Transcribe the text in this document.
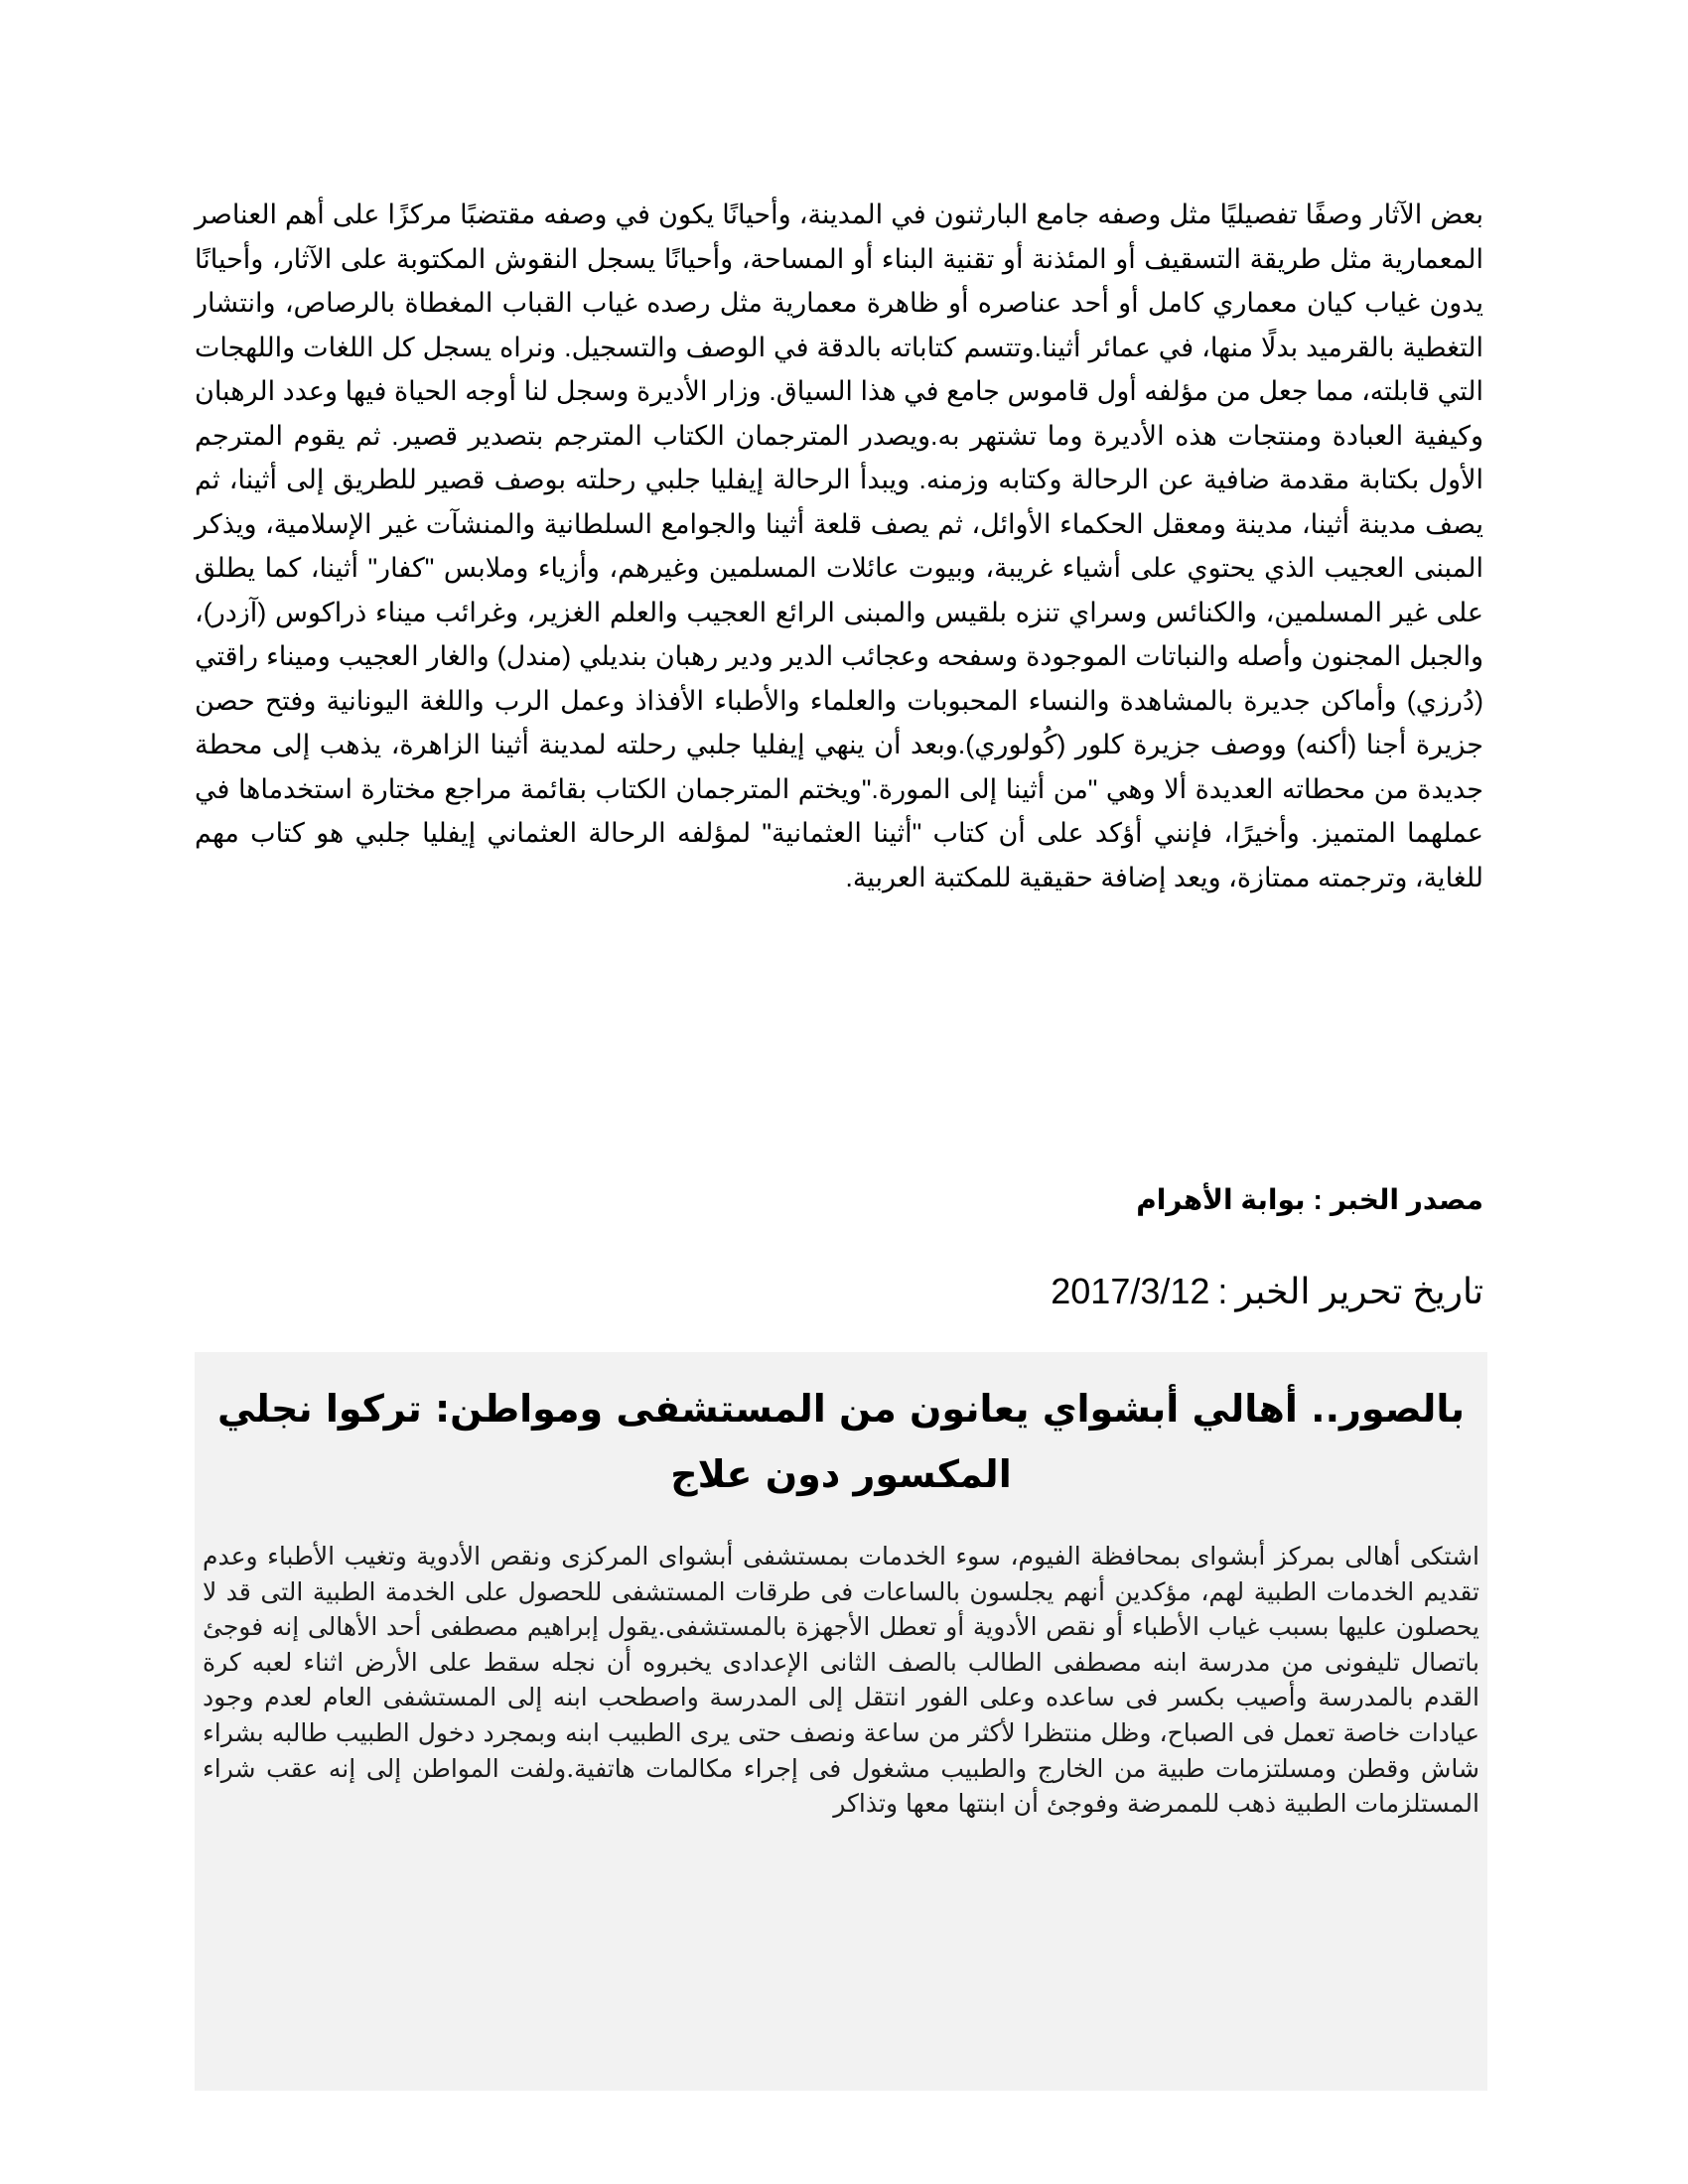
بعض الآثار وصفًا تفصيليًا مثل وصفه جامع البارثنون في المدينة، وأحيانًا يكون في وصفه مقتضبًا مركزًا على أهم العناصر المعمارية مثل طريقة التسقيف أو المئذنة أو تقنية البناء أو المساحة، وأحيانًا يسجل النقوش المكتوبة على الآثار، وأحيانًا يدون غياب كيان معماري كامل أو أحد عناصره أو ظاهرة معمارية مثل رصده غياب القباب المغطاة بالرصاص، وانتشار التغطية بالقرميد بدلًا منها، في عمائر أثينا.وتتسم كتاباته بالدقة في الوصف والتسجيل. ونراه يسجل كل اللغات واللهجات التي قابلته، مما جعل من مؤلفه أول قاموس جامع في هذا السياق. وزار الأديرة وسجل لنا أوجه الحياة فيها وعدد الرهبان وكيفية العبادة ومنتجات هذه الأديرة وما تشتهر به.ويصدر المترجمان الكتاب المترجم بتصدير قصير. ثم يقوم المترجم الأول بكتابة مقدمة ضافية عن الرحالة وكتابه وزمنه. ويبدأ الرحالة إيفليا جلبي رحلته بوصف قصير للطريق إلى أثينا، ثم يصف مدينة أثينا، مدينة ومعقل الحكماء الأوائل، ثم يصف قلعة أثينا والجوامع السلطانية والمنشآت غير الإسلامية، ويذكر المبنى العجيب الذي يحتوي على أشياء غريبة، وبيوت عائلات المسلمين وغيرهم، وأزياء وملابس "كفار" أثينا، كما يطلق على غير المسلمين، والكنائس وسراي تنزه بلقيس والمبنى الرائع العجيب والعلم الغزير، وغرائب ميناء ذراكوس (آزدر)، والجبل المجنون وأصله والنباتات الموجودة وسفحه وعجائب الدير ودير رهبان بنديلي (مندل) والغار العجيب وميناء راقتي (دُرزي) وأماكن جديرة بالمشاهدة والنساء المحبوبات والعلماء والأطباء الأفذاذ وعمل الرب واللغة اليونانية وفتح حصن جزيرة أجنا (أكنه) ووصف جزيرة كلور (كُولوري).وبعد أن ينهي إيفليا جلبي رحلته لمدينة أثينا الزاهرة، يذهب إلى محطة جديدة من محطاته العديدة ألا وهي "من أثينا إلى المورة."ويختم المترجمان الكتاب بقائمة مراجع مختارة استخدماها في عملهما المتميز. وأخيرًا، فإنني أؤكد على أن كتاب "أثينا العثمانية" لمؤلفه الرحالة العثماني إيفليا جلبي هو كتاب مهم للغاية، وترجمته ممتازة، ويعد إضافة حقيقية للمكتبة العربية.
مصدر الخبر:بوابة الأهرام
تاريخ تحرير الخبر:2017/3/12
بالصور.. أهالي أبشواي يعانون من المستشفى ومواطن: تركوا نجلي المكسور دون علاج
اشتكى أهالى بمركز أبشواى بمحافظة الفيوم، سوء الخدمات بمستشفى أبشواى المركزى ونقص الأدوية وتغيب الأطباء وعدم تقديم الخدمات الطبية لهم، مؤكدين أنهم يجلسون بالساعات فى طرقات المستشفى للحصول على الخدمة الطبية التى قد لا يحصلون عليها بسبب غياب الأطباء أو نقص الأدوية أو تعطل الأجهزة بالمستشفى.يقول إبراهيم مصطفى أحد الأهالى إنه فوجئ باتصال تليفونى من مدرسة ابنه مصطفى الطالب بالصف الثانى الإعدادى يخبروه أن نجله سقط على الأرض اثناء لعبه كرة القدم بالمدرسة وأصيب بكسر فى ساعده وعلى الفور انتقل إلى المدرسة واصطحب ابنه إلى المستشفى العام لعدم وجود عيادات خاصة تعمل فى الصباح، وظل منتظرا لأكثر من ساعة ونصف حتى يرى الطبيب ابنه وبمجرد دخول الطبيب طالبه بشراء شاش وقطن ومسلتزمات طبية من الخارج والطبيب مشغول فى إجراء مكالمات هاتفية.ولفت المواطن إلى إنه عقب شراء المستلزمات الطبية ذهب للممرضة وفوجئ أن ابنتها معها وتذاكر
